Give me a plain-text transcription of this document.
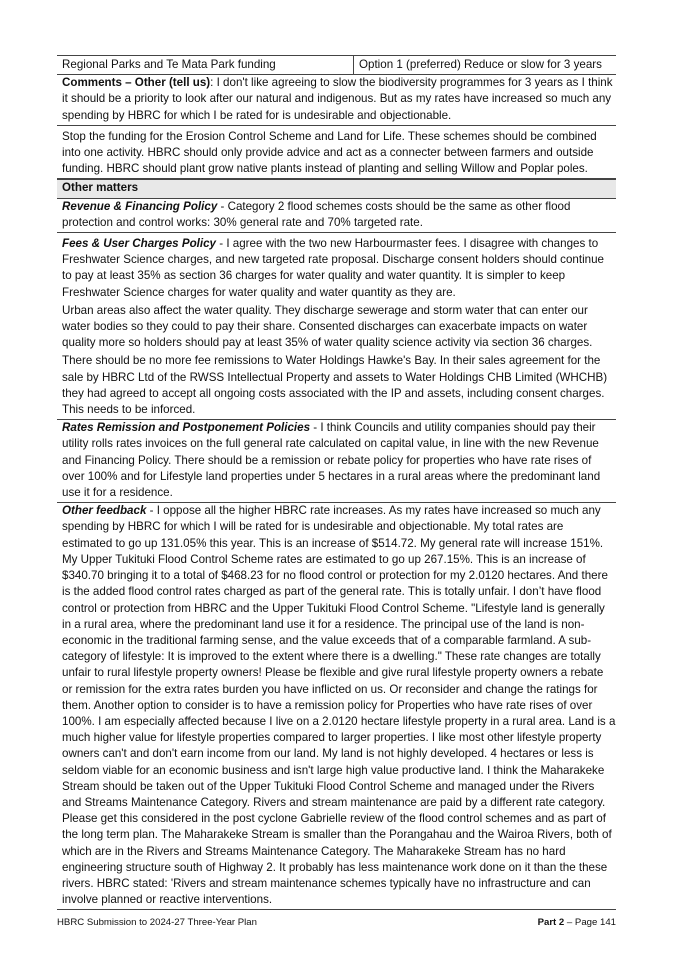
Regional Parks and Te Mata Park funding	Option 1 (preferred) Reduce or slow for 3 years
Comments – Other (tell us): I don't like agreeing to slow the biodiversity programmes for 3 years as I think it should be a priority to look after our natural and indigenous. But as my rates have increased so much any spending by HBRC for which I be rated for is undesirable and objectionable.
Stop the funding for the Erosion Control Scheme and Land for Life. These schemes should be combined into one activity. HBRC should only provide advice and act as a connecter between farmers and outside funding. HBRC should plant grow native plants instead of planting and selling Willow and Poplar poles.
Other matters
Revenue & Financing Policy - Category 2 flood schemes costs should be the same as other flood protection and control works: 30% general rate and 70% targeted rate.
Fees & User Charges Policy - I agree with the two new Harbourmaster fees. I disagree with changes to Freshwater Science charges, and new targeted rate proposal. Discharge consent holders should continue to pay at least 35% as section 36 charges for water quality and water quantity. It is simpler to keep Freshwater Science charges for water quality and water quantity as they are.
Urban areas also affect the water quality. They discharge sewerage and storm water that can enter our water bodies so they could to pay their share. Consented discharges can exacerbate impacts on water quality more so holders should pay at least 35% of water quality science activity via section 36 charges.
There should be no more fee remissions to Water Holdings Hawke's Bay. In their sales agreement for the sale by HBRC Ltd of the RWSS Intellectual Property and assets to Water Holdings CHB Limited (WHCHB) they had agreed to accept all ongoing costs associated with the IP and assets, including consent charges. This needs to be inforced.
Rates Remission and Postponement Policies - I think Councils and utility companies should pay their utility rolls rates invoices on the full general rate calculated on capital value, in line with the new Revenue and Financing Policy. There should be a remission or rebate policy for properties who have rate rises of over 100% and for Lifestyle land properties under 5 hectares in a rural areas where the predominant land use it for a residence.
Other feedback - I oppose all the higher HBRC rate increases. As my rates have increased so much any spending by HBRC for which I will be rated for is undesirable and objectionable. My total rates are estimated to go up 131.05% this year. This is an increase of $514.72. My general rate will increase 151%. My Upper Tukituki Flood Control Scheme rates are estimated to go up 267.15%. This is an increase of $340.70 bringing it to a total of $468.23 for no flood control or protection for my 2.0120 hectares. And there is the added flood control rates charged as part of the general rate. This is totally unfair. I don’t have flood control or protection from HBRC and the Upper Tukituki Flood Control Scheme. "Lifestyle land is generally in a rural area, where the predominant land use it for a residence. The principal use of the land is non-economic in the traditional farming sense, and the value exceeds that of a comparable farmland. A sub-category of lifestyle: It is improved to the extent where there is a dwelling." These rate changes are totally unfair to rural lifestyle property owners! Please be flexible and give rural lifestyle property owners a rebate or remission for the extra rates burden you have inflicted on us. Or reconsider and change the ratings for them. Another option to consider is to have a remission policy for Properties who have rate rises of over 100%. I am especially affected because I live on a 2.0120 hectare lifestyle property in a rural area. Land is a much higher value for lifestyle properties compared to larger properties. I like most other lifestyle property owners can't and don't earn income from our land. My land is not highly developed. 4 hectares or less is seldom viable for an economic business and isn't large high value productive land. I think the Maharakeke Stream should be taken out of the Upper Tukituki Flood Control Scheme and managed under the Rivers and Streams Maintenance Category. Rivers and stream maintenance are paid by a different rate category. Please get this considered in the post cyclone Gabrielle review of the flood control schemes and as part of the long term plan. The Maharakeke Stream is smaller than the Porangahau and the Wairoa Rivers, both of which are in the Rivers and Streams Maintenance Category. The Maharakeke Stream has no hard engineering structure south of Highway 2. It probably has less maintenance work done on it than the these rivers. HBRC stated: 'Rivers and stream maintenance schemes typically have no infrastructure and can involve planned or reactive interventions.
HBRC Submission to 2024-27 Three-Year Plan	Part 2 – Page 141
